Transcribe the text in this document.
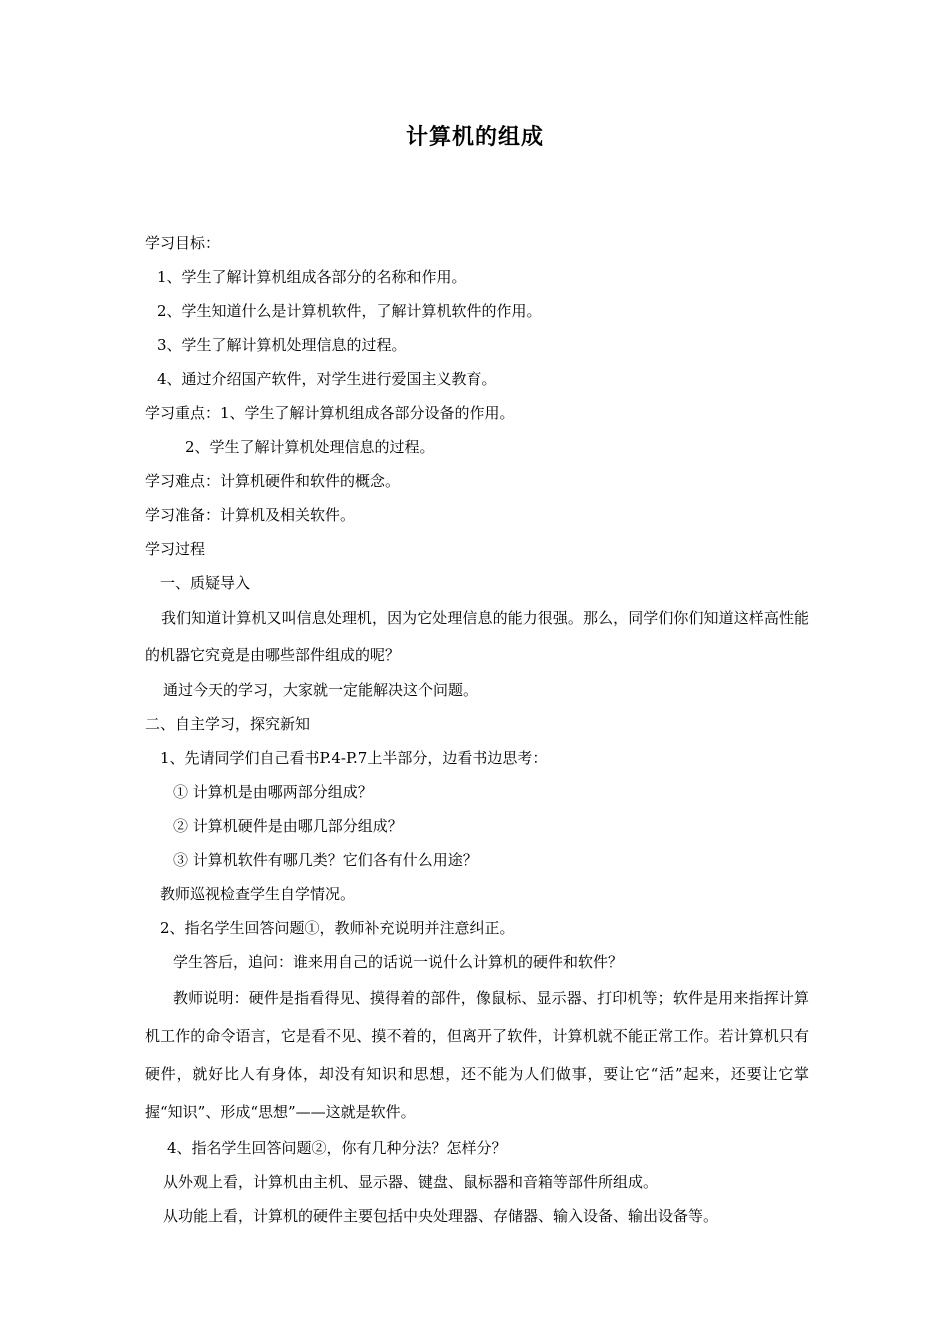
计算机的组成
学习目标：
1、学生了解计算机组成各部分的名称和作用。
2、学生知道什么是计算机软件，了解计算机软件的作用。
3、学生了解计算机处理信息的过程。
4、通过介绍国产软件，对学生进行爱国主义教育。
学习重点：1、学生了解计算机组成各部分设备的作用。
2、学生了解计算机处理信息的过程。
学习难点：计算机硬件和软件的概念。
学习准备：计算机及相关软件。
学习过程
一、质疑导入

我们知道计算机又叫信息处理机，因为它处理信息的能力很强。那么，同学们你们知道这样高性能的机器它究竟是由哪些部件组成的呢？

通过今天的学习，大家就一定能解决这个问题。
二、自主学习，探究新知
1、先请同学们自己看书P.4-P.7上半部分，边看书边思考：
① 计算机是由哪两部分组成？
② 计算机硬件是由哪几部分组成？
③ 计算机软件有哪几类？它们各有什么用途？
教师巡视检查学生自学情况。
2、指名学生回答问题①，教师补充说明并注意纠正。
学生答后，追问：谁来用自己的话说一说什么计算机的硬件和软件？

教师说明：硬件是指看得见、摸得着的部件，像鼠标、显示器、打印机等；软件是用来指挥计算机工作的命令语言，它是看不见、摸不着的，但离开了软件，计算机就不能正常工作。若计算机只有硬件，就好比人有身体，却没有知识和思想，还不能为人们做事，要让它“活”起来，还要让它掌握“知识”、形成“思想”——这就是软件。

4、指名学生回答问题②，你有几种分法？怎样分？
从外观上看，计算机由主机、显示器、键盘、鼠标器和音箱等部件所组成。
从功能上看，计算机的硬件主要包括中央处理器、存储器、输入设备、输出设备等。
